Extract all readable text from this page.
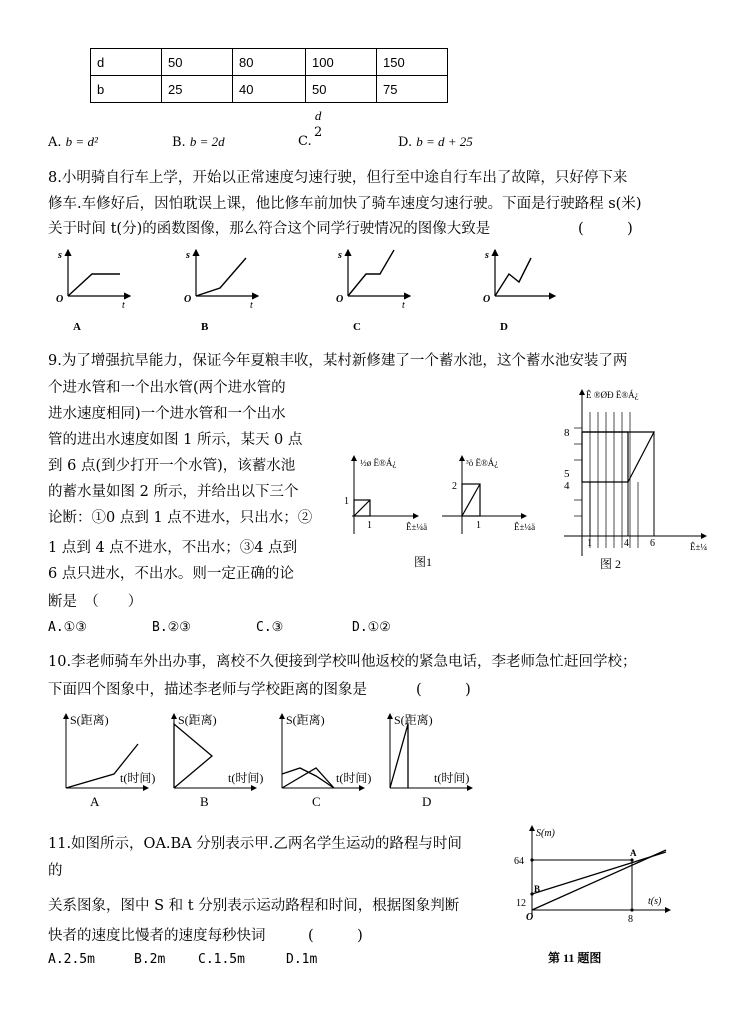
d	50	80	100	150
b	25	40	50	75
A. b = d²	B. b = 2d	C.
$\frac{d}{2}$
D. b = d + 25
8.小明骑自行车上学，开始以正常速度匀速行驶，但行至中途自行车出了故障，只好停下来
修车.车修好后，因怕耽误上课，他比修车前加快了骑车速度匀速行驶。下面是行驶路程 s(米)
关于时间 t(分)的函数图像，那么符合这个同学行驶情况的图像大致是	(　　　)
s
O
t
A
s
O
t
B
s
O
t
C
s
O
D
9.为了增强抗旱能力，保证今年夏粮丰收，某村新修建了一个蓄水池，这个蓄水池安装了两
个进水管和一个出水管(两个进水管的
进水速度相同)一个进水管和一个出水
管的进出水速度如图 1 所示，某天 0 点
到 6 点(到少打开一个水管)，该蓄水池
的蓄水量如图 2 所示，并给出以下三个
论断：①0 点到 1 点不进水，只出水；②
1 点到 4 点不进水，不出水；③4 点到
6 点只进水，不出水。则一定正确的论
断是　（　　）
A.①③	B.②③	C.③	D.①②
½ø Ë®Á¿
1
1	Ê±¼ä
³ö Ë®Á¿
2
1	Ê±¼ä
图1
Ê ®ØÐ Ë®Á¿
8
5
4
1	4 6	Ê±¼
图 2
10.李老师骑车外出办事，离校不久便接到学校叫他返校的紧急电话，李老师急忙赶回学校；
下面四个图象中，描述李老师与学校距离的图象是	(　　　)
S(距离)
t(时间)
A
S(距离)
t(时间)
B
S(距离)
t(时间)
C
S(距离)
t(时间)
D
11.如图所示，OA.BA 分别表示甲.乙两名学生运动的路程与时间
的
关系图象，图中 S 和 t 分别表示运动路程和时间，根据图象判断
快者的速度比慢者的速度每秒快词	(　　　)
A.2.5m	B.2m	C.1.5m	D.1m
S(m)
64
12
B
A
O	8
t(s)
第 11 题图
